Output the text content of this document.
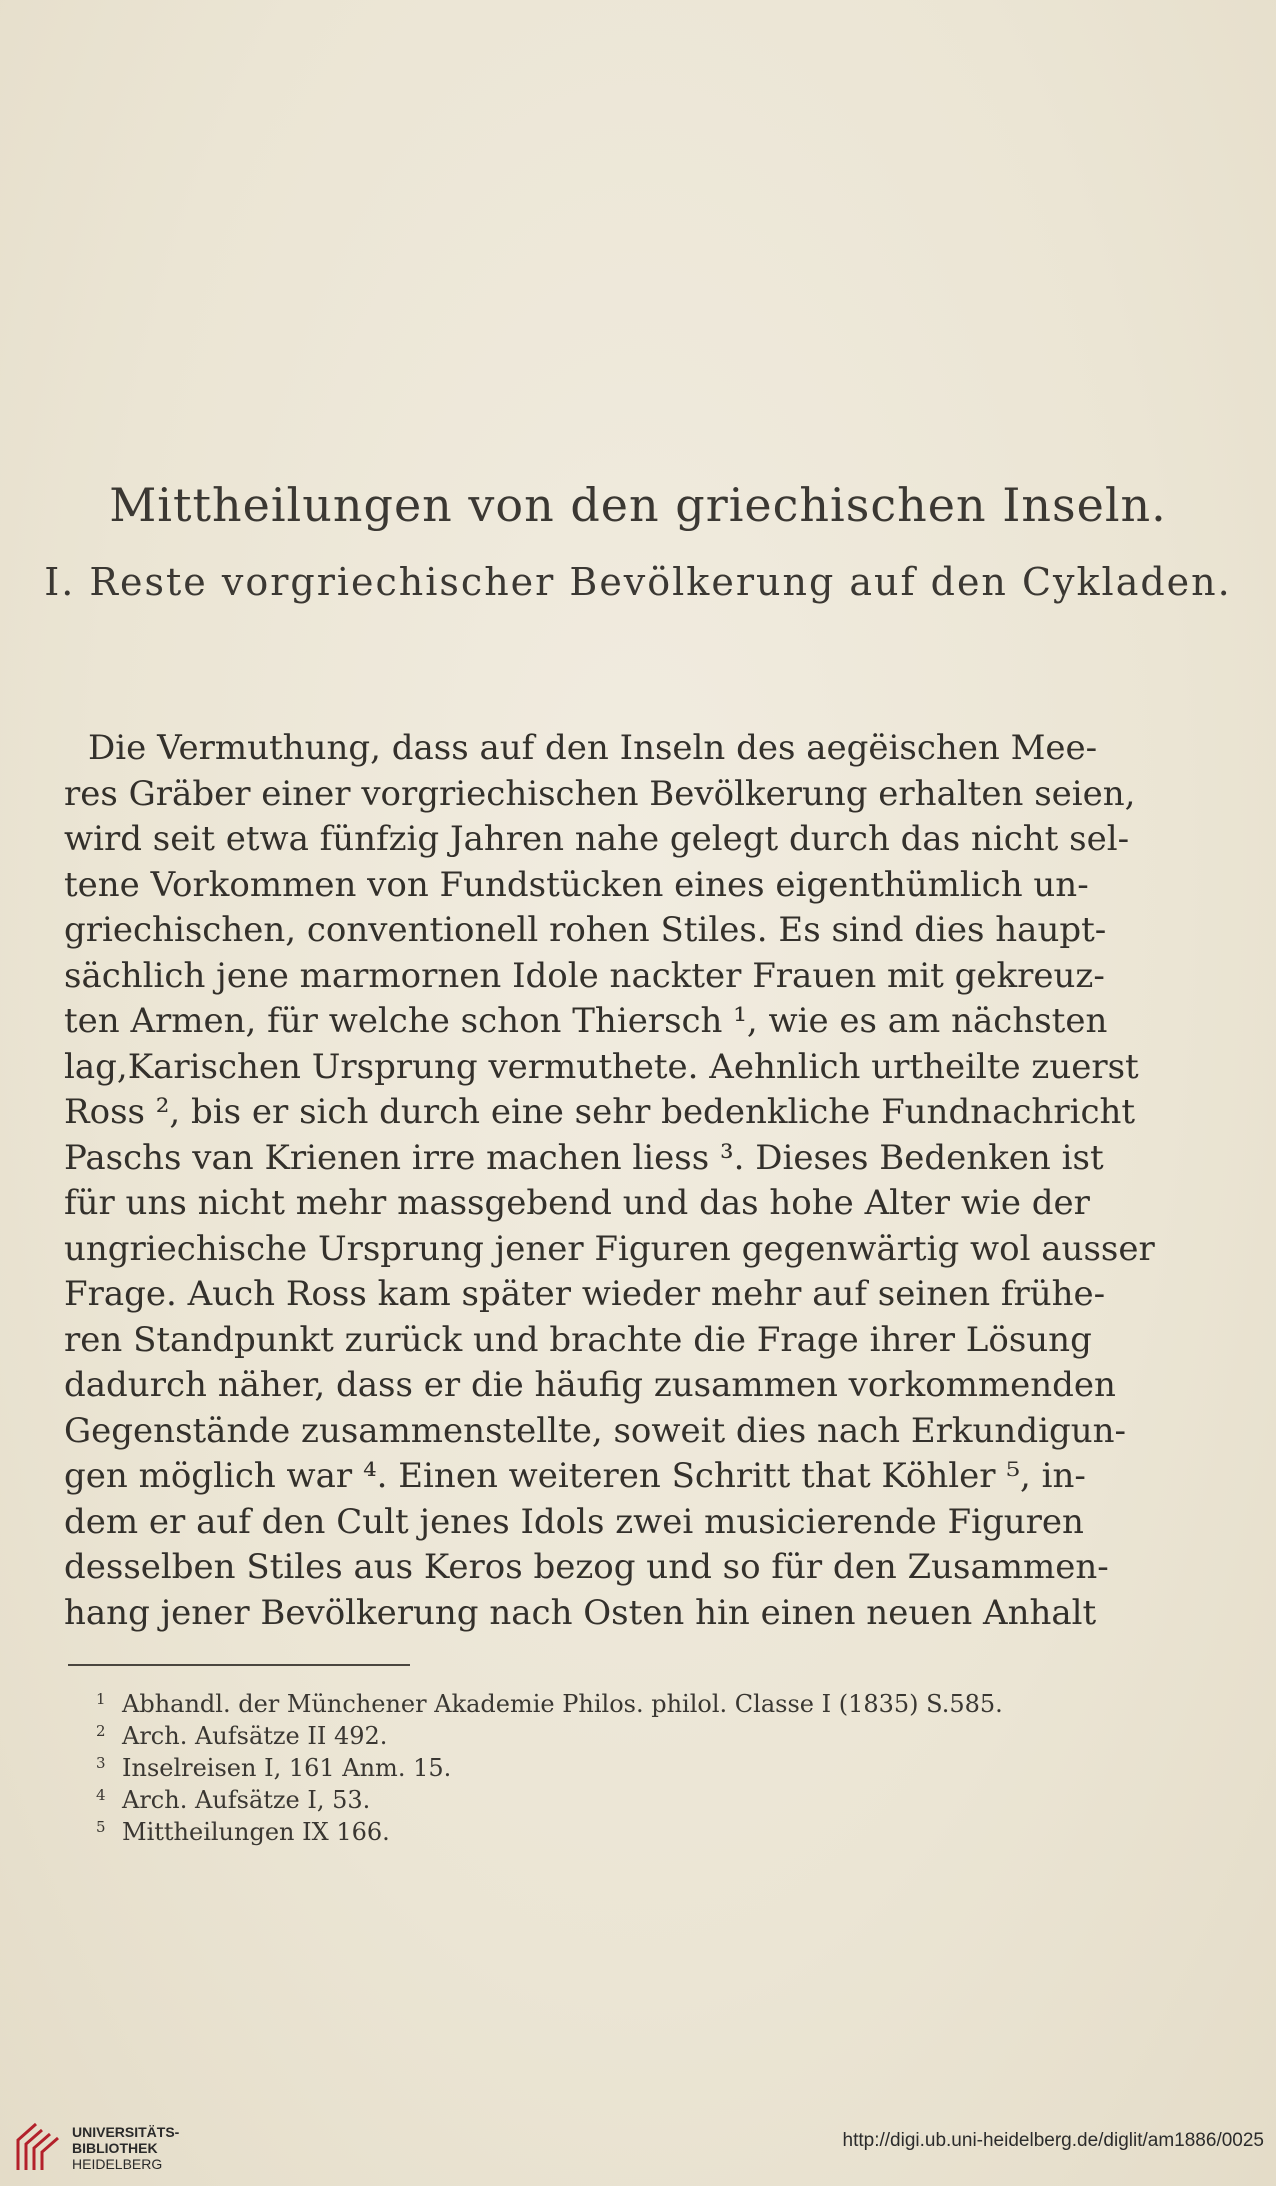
Mittheilungen von den griechischen Inseln.
I. Reste vorgriechischer Bevölkerung auf den Cykladen.
Die Vermuthung, dass auf den Inseln des aegëischen Mee-
res Gräber einer vorgriechischen Bevölkerung erhalten seien,
wird seit etwa fünfzig Jahren nahe gelegt durch das nicht sel-
tene Vorkommen von Fundstücken eines eigenthümlich un-
griechischen, conventionell rohen Stiles. Es sind dies haupt-
sächlich jene marmornen Idole nackter Frauen mit gekreuz-
ten Armen, für welche schon Thiersch ¹, wie es am nächsten
lag,Karischen Ursprung vermuthete. Aehnlich urtheilte zuerst
Ross ², bis er sich durch eine sehr bedenkliche Fundnachricht
Paschs van Krienen irre machen liess ³. Dieses Bedenken ist
für uns nicht mehr massgebend und das hohe Alter wie der
ungriechische Ursprung jener Figuren gegenwärtig wol ausser
Frage. Auch Ross kam später wieder mehr auf seinen frühe-
ren Standpunkt zurück und brachte die Frage ihrer Lösung
dadurch näher, dass er die häufig zusammen vorkommenden
Gegenstände zusammenstellte, soweit dies nach Erkundigun-
gen möglich war ⁴. Einen weiteren Schritt that Köhler ⁵, in-
dem er auf den Cult jenes Idols zwei musicierende Figuren
desselben Stiles aus Keros bezog und so für den Zusammen-
hang jener Bevölkerung nach Osten hin einen neuen Anhalt
1 Abhandl. der Münchener Akademie Philos. philol. Classe I (1835) S.585.
2 Arch. Aufsätze II 492.
3 Inselreisen I, 161 Anm. 15.
4 Arch. Aufsätze I, 53.
5 Mittheilungen IX 166.
UNIVERSITÄTS-
BIBLIOTHEK
HEIDELBERG
http://digi.ub.uni-heidelberg.de/diglit/am1886/0025
